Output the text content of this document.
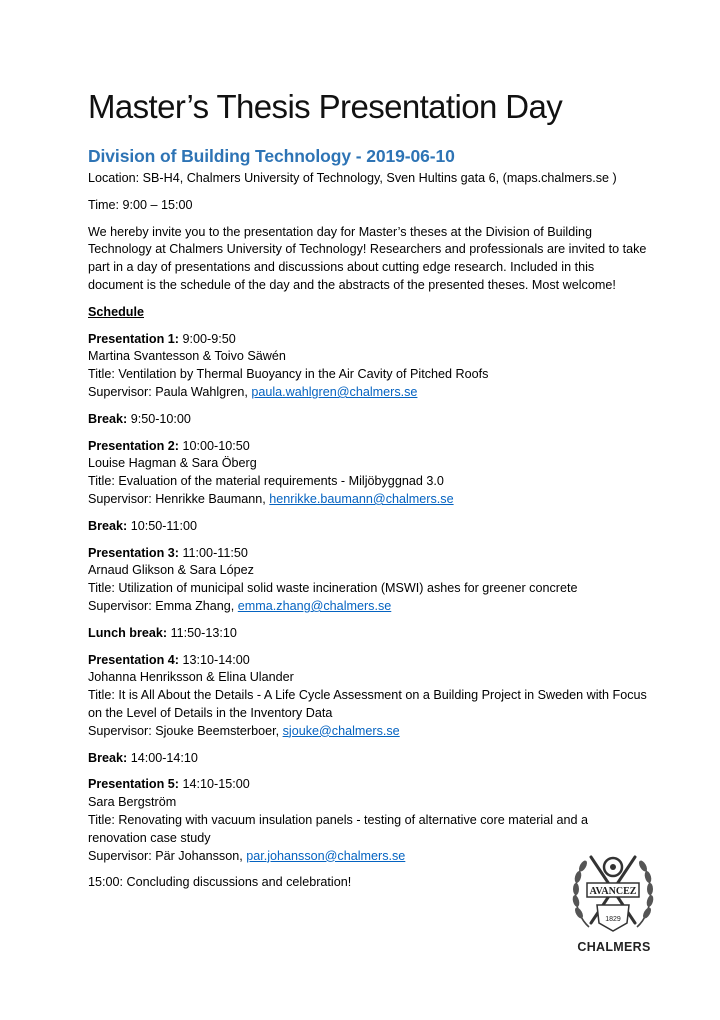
Master’s Thesis Presentation Day
Division of Building Technology - 2019-06-10

Location: SB-H4, Chalmers University of Technology, Sven Hultins gata 6, (maps.chalmers.se )

Time: 9:00 – 15:00

We hereby invite you to the presentation day for Master’s theses at the Division of Building
Technology at Chalmers University of Technology! Researchers and professionals are invited to take
part in a day of presentations and discussions about cutting edge research. Included in this
document is the schedule of the day and the abstracts of the presented theses. Most welcome!

Schedule

Presentation 1: 9:00-9:50
Martina Svantesson & Toivo Säwén
Title: Ventilation by Thermal Buoyancy in the Air Cavity of Pitched Roofs
Supervisor: Paula Wahlgren, paula.wahlgren@chalmers.se

Break: 9:50-10:00

Presentation 2: 10:00-10:50
Louise Hagman & Sara Öberg
Title: Evaluation of the material requirements - Miljöbyggnad 3.0
Supervisor: Henrikke Baumann, henrikke.baumann@chalmers.se

Break: 10:50-11:00

Presentation 3: 11:00-11:50
Arnaud Glikson & Sara López
Title: Utilization of municipal solid waste incineration (MSWI) ashes for greener concrete
Supervisor: Emma Zhang, emma.zhang@chalmers.se

Lunch break: 11:50-13:10

Presentation 4: 13:10-14:00
Johanna Henriksson & Elina Ulander
Title: It is All About the Details - A Life Cycle Assessment on a Building Project in Sweden with Focus
on the Level of Details in the Inventory Data
Supervisor: Sjouke Beemsterboer, sjouke@chalmers.se

Break: 14:00-14:10

Presentation 5: 14:10-15:00
Sara Bergström
Title: Renovating with vacuum insulation panels - testing of alternative core material and a
renovation case study
Supervisor: Pär Johansson, par.johansson@chalmers.se

15:00: Concluding discussions and celebration!

AVANCEZ
1829
CHALMERS
